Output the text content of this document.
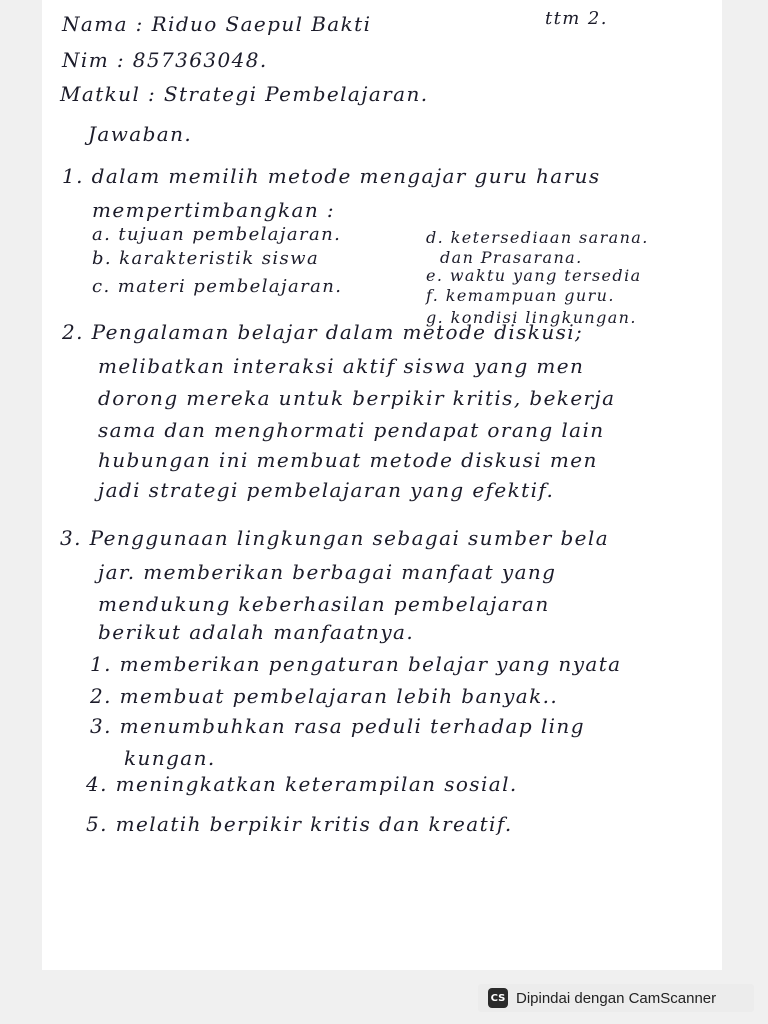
Nama : Riduo Saepul Bakti	ttm 2.
Nim : 857363048.
Matkul : Strategi Pembelajaran.
Jawaban.
1. dalam memilih metode mengajar guru harus
mempertimbangkan :
a. tujuan pembelajaran.
b. karakteristik siswa
c. materi pembelajaran.
d. ketersediaan sarana.
dan Prasarana.
e. waktu yang tersedia
f. kemampuan guru.
g. kondisi lingkungan.
2. Pengalaman belajar dalam metode diskusi;
melibatkan interaksi aktif siswa yang men
dorong mereka untuk berpikir kritis, bekerja
sama dan menghormati pendapat orang lain
hubungan ini membuat metode diskusi men
jadi strategi pembelajaran yang efektif.
3. Penggunaan lingkungan sebagai sumber bela
jar. memberikan berbagai manfaat yang
mendukung keberhasilan pembelajaran
berikut adalah manfaatnya.
1. memberikan pengaturan belajar yang nyata
2. membuat pembelajaran lebih banyak..
3. menumbuhkan rasa peduli terhadap ling
kungan.
4. meningkatkan keterampilan sosial.
5. melatih berpikir kritis dan kreatif.
CS Dipindai dengan CamScanner
